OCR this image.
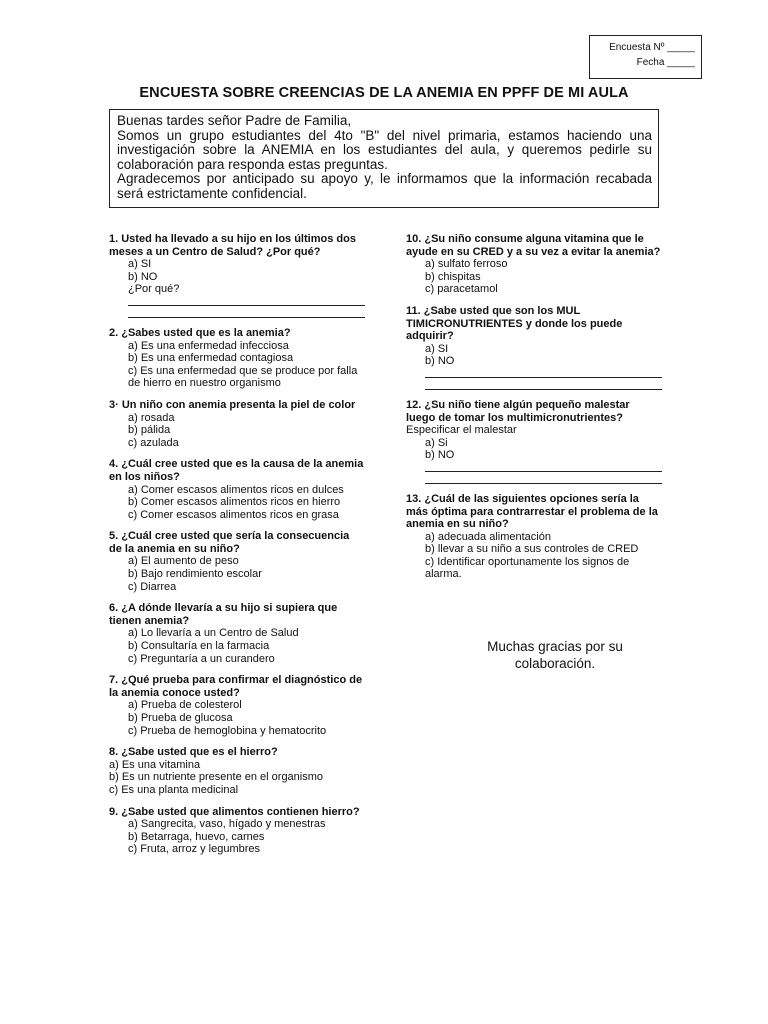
Encuesta Nº _____
Fecha _____
ENCUESTA SOBRE CREENCIAS DE LA ANEMIA EN PPFF DE MI AULA

Buenas tardes señor Padre de Familia,

Somos un grupo estudiantes del 4to "B" del nivel primaria, estamos haciendo una investigación sobre la ANEMIA en los estudiantes del aula, y queremos pedirle su colaboración para responda estas preguntas.

Agradecemos por anticipado su apoyo y, le informamos que la información recabada será estrictamente confidencial.

1. Usted ha llevado a su hijo en los últimos dos meses a un Centro de Salud? ¿Por qué?
a) SI
b) NO
¿Por qué?
2. ¿Sabes usted que es la anemia?
a) Es una enfermedad infecciosa
b) Es una enfermedad contagiosa
c) Es una enfermedad que se produce por falla de hierro en nuestro organismo
3· Un niño con anemia presenta la piel de color
a) rosada
b) pálida
c) azulada
4. ¿Cuál cree usted que es la causa de la anemia en los niños?
a) Comer escasos alimentos ricos en dulces
b) Comer escasos alimentos ricos en hierro
c) Comer escasos alimentos ricos en grasa
5. ¿Cuál cree usted que sería la consecuencia de la anemia en su niño?
a) El aumento de peso
b) Bajo rendimiento escolar
c) Diarrea
6. ¿A dónde llevaría a su hijo si supiera que tienen anemia?
a) Lo llevaría a un Centro de Salud
b) Consultaría en la farmacia
c) Preguntaría a un curandero
7. ¿Qué prueba para confirmar el diagnóstico de la anemia conoce usted?
a) Prueba de colesterol
b) Prueba de glucosa
c) Prueba de hemoglobina y hematocrito
8. ¿Sabe usted que es el hierro?
a) Es una vitamina
b) Es un nutriente presente en el organismo
c) Es una planta medicinal
9. ¿Sabe usted que alimentos contienen hierro?
a) Sangrecita, vaso, hígado y menestras
b) Betarraga, huevo, carnes
c) Fruta, arroz y legumbres
10. ¿Su niño consume alguna vitamina que le ayude en su CRED y a su vez a evitar la anemia?
a) sulfato ferroso
b) chispitas
c) paracetamol
11. ¿Sabe usted que son los MUL TIMICRONUTRIENTES y donde los puede adquirir?
a) SI
b) NO
12. ¿Su niño tiene algún pequeño malestar luego de tomar los multimicronutrientes?
Especificar el malestar
a) Si
b) NO
13. ¿Cuál de las siguientes opciones sería la más óptima para contrarrestar el problema de la anemia en su niño?
a) adecuada alimentación
b) llevar a su niño a sus controles de CRED
c) Identificar oportunamente los signos de alarma.
Muchas gracias por su colaboración.
